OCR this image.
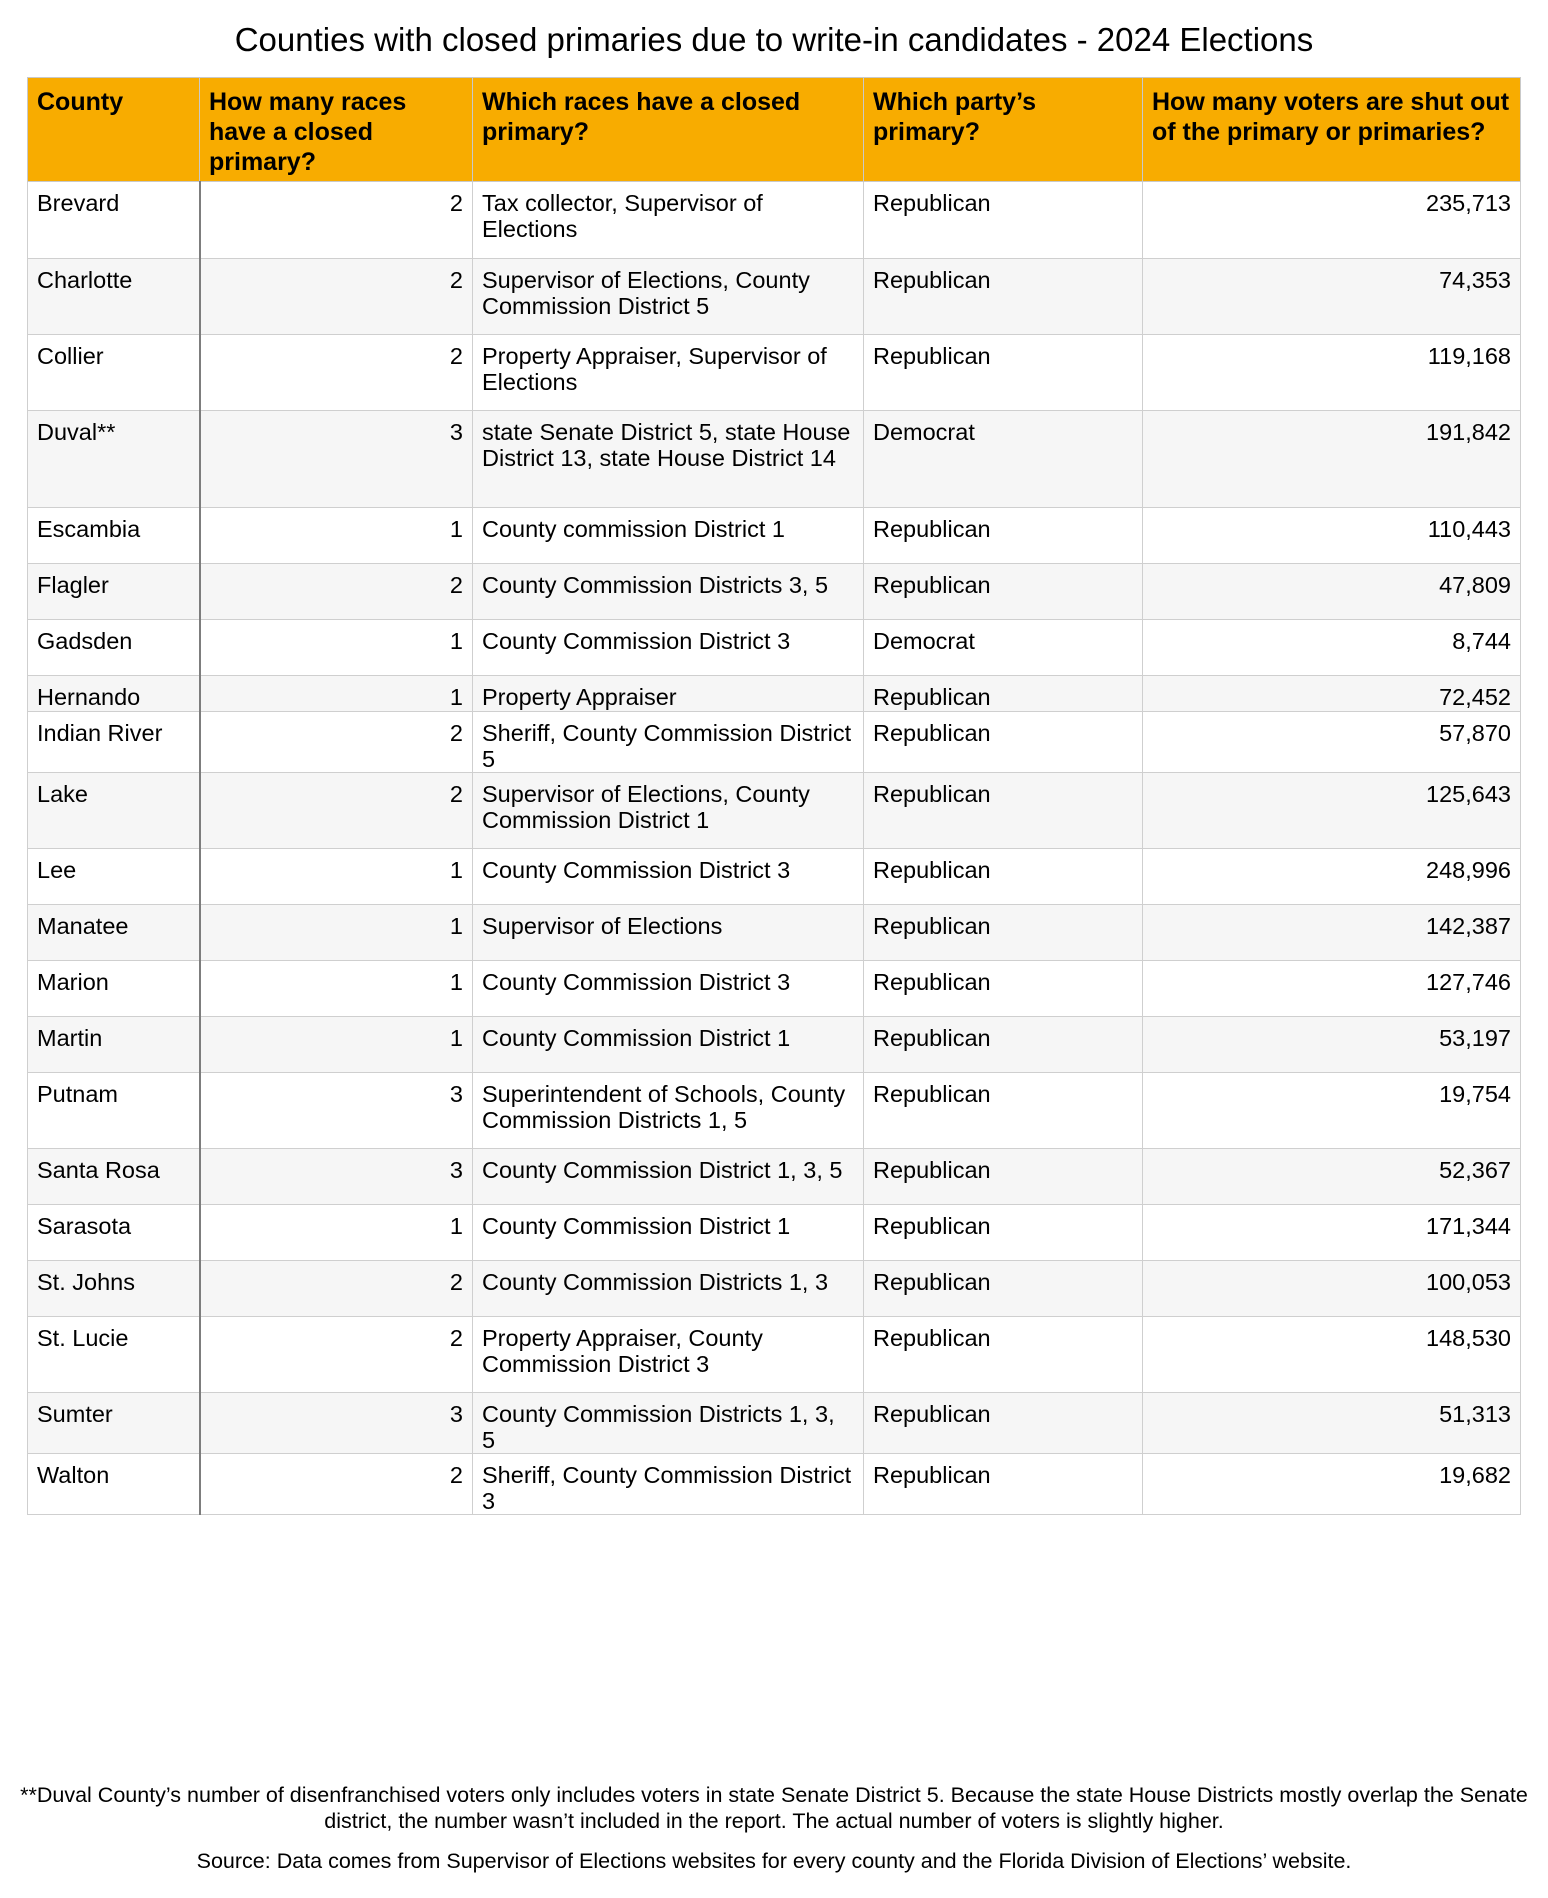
Counties with closed primaries due to write-in candidates - 2024 Elections
County	How many races have a closed primary?	Which races have a closed primary?	Which party’s primary?	How many voters are shut out of the primary or primaries?
Brevard	2	Tax collector, Supervisor of Elections	Republican	235,713
Charlotte	2	Supervisor of Elections, County Commission District 5	Republican	74,353
Collier	2	Property Appraiser, Supervisor of Elections	Republican	119,168
Duval**	3	state Senate District 5, state House District 13, state House District 14	Democrat	191,842
Escambia	1	County commission District 1	Republican	110,443
Flagler	2	County Commission Districts 3, 5	Republican	47,809
Gadsden	1	County Commission District 3	Democrat	8,744
Hernando	1	Property Appraiser	Republican	72,452
Indian River	2	Sheriff, County Commission District 5	Republican	57,870
Lake	2	Supervisor of Elections, County Commission District 1	Republican	125,643
Lee	1	County Commission District 3	Republican	248,996
Manatee	1	Supervisor of Elections	Republican	142,387
Marion	1	County Commission District 3	Republican	127,746
Martin	1	County Commission District 1	Republican	53,197
Putnam	3	Superintendent of Schools, County Commission Districts 1, 5	Republican	19,754
Santa Rosa	3	County Commission District 1, 3, 5	Republican	52,367
Sarasota	1	County Commission District 1	Republican	171,344
St. Johns	2	County Commission Districts 1, 3	Republican	100,053
St. Lucie	2	Property Appraiser, County Commission District 3	Republican	148,530
Sumter	3	County Commission Districts 1, 3, 5	Republican	51,313
Walton	2	Sheriff, County Commission District 3	Republican	19,682
**Duval County’s number of disenfranchised voters only includes voters in state Senate District 5. Because the state House Districts mostly overlap the Senate district, the number wasn’t included in the report. The actual number of voters is slightly higher.
Source: Data comes from Supervisor of Elections websites for every county and the Florida Division of Elections’ website.
